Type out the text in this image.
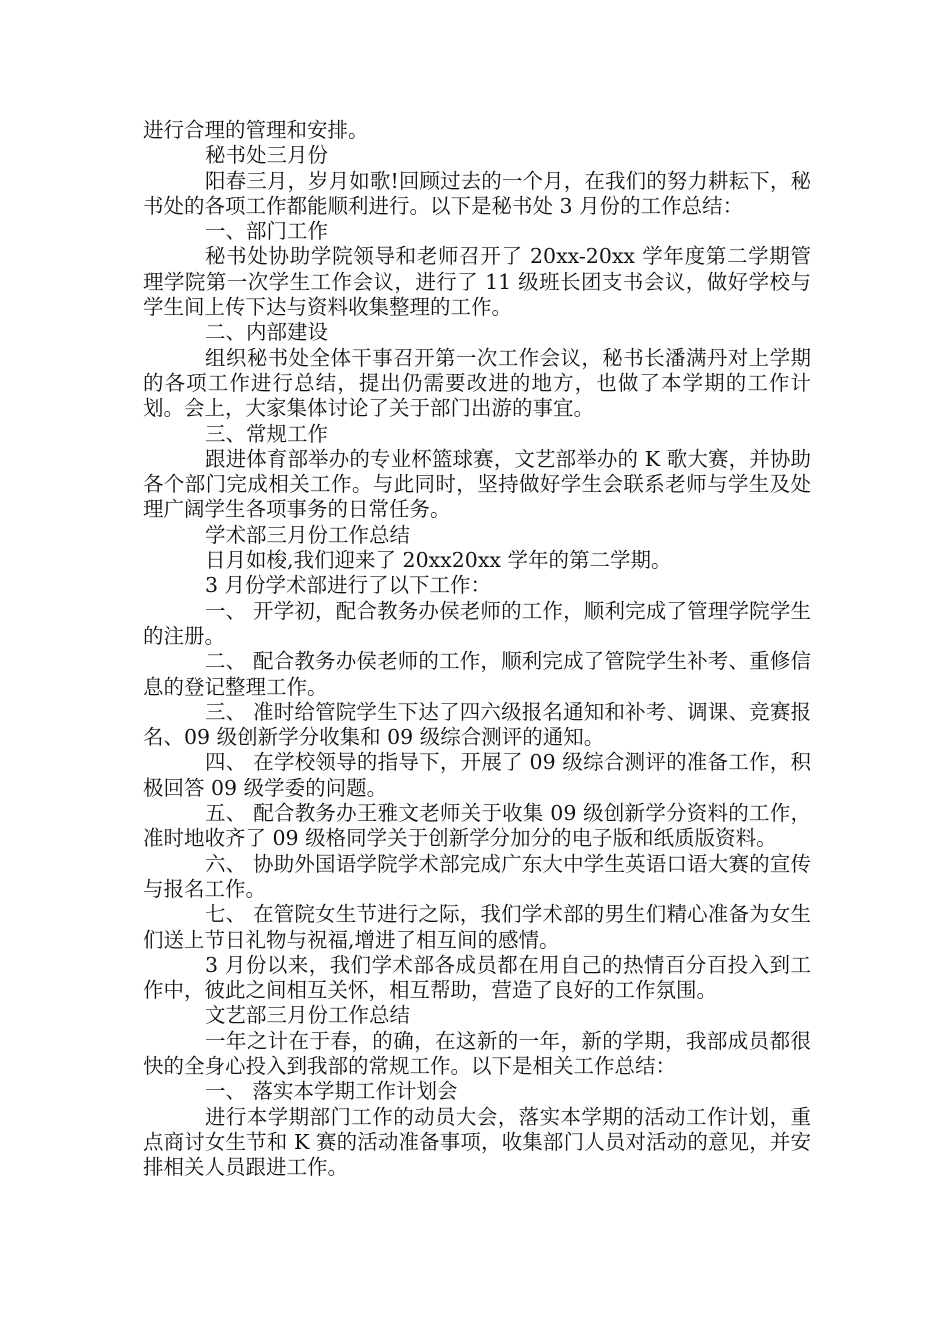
进行合理的管理和安排。

秘书处三月份

阳春三月，岁月如歌!回顾过去的一个月，在我们的努力耕耘下，秘书处的各项工作都能顺利进行。以下是秘书处 3 月份的工作总结：

一、部门工作

秘书处协助学院领导和老师召开了 20xx-20xx 学年度第二学期管理学院第一次学生工作会议，进行了 11 级班长团支书会议，做好学校与学生间上传下达与资料收集整理的工作。

二、内部建设

组织秘书处全体干事召开第一次工作会议，秘书长潘满丹对上学期的各项工作进行总结，提出仍需要改进的地方，也做了本学期的工作计划。会上，大家集体讨论了关于部门出游的事宜。

三、常规工作

跟进体育部举办的专业杯篮球赛，文艺部举办的 K 歌大赛，并协助各个部门完成相关工作。与此同时，坚持做好学生会联系老师与学生及处理广阔学生各项事务的日常任务。

学术部三月份工作总结

日月如梭,我们迎来了 20xx20xx 学年的第二学期。

3 月份学术部进行了以下工作：

一、 开学初，配合教务办侯老师的工作，顺利完成了管理学院学生的注册。

二、 配合教务办侯老师的工作，顺利完成了管院学生补考、重修信息的登记整理工作。

三、 准时给管院学生下达了四六级报名通知和补考、调课、竞赛报名、09 级创新学分收集和 09 级综合测评的通知。

四、 在学校领导的指导下，开展了 09 级综合测评的准备工作，积极回答 09 级学委的问题。

五、 配合教务办王雅文老师关于收集 09 级创新学分资料的工作，准时地收齐了 09 级格同学关于创新学分加分的电子版和纸质版资料。

六、 协助外国语学院学术部完成广东大中学生英语口语大赛的宣传与报名工作。

七、 在管院女生节进行之际，我们学术部的男生们精心准备为女生们送上节日礼物与祝福,增进了相互间的感情。

3 月份以来，我们学术部各成员都在用自己的热情百分百投入到工作中，彼此之间相互关怀，相互帮助，营造了良好的工作氛围。

文艺部三月份工作总结

一年之计在于春，的确，在这新的一年，新的学期，我部成员都很快的全身心投入到我部的常规工作。以下是相关工作总结：

一、 落实本学期工作计划会

进行本学期部门工作的动员大会，落实本学期的活动工作计划，重点商讨女生节和 K 赛的活动准备事项，收集部门人员对活动的意见，并安排相关人员跟进工作。
